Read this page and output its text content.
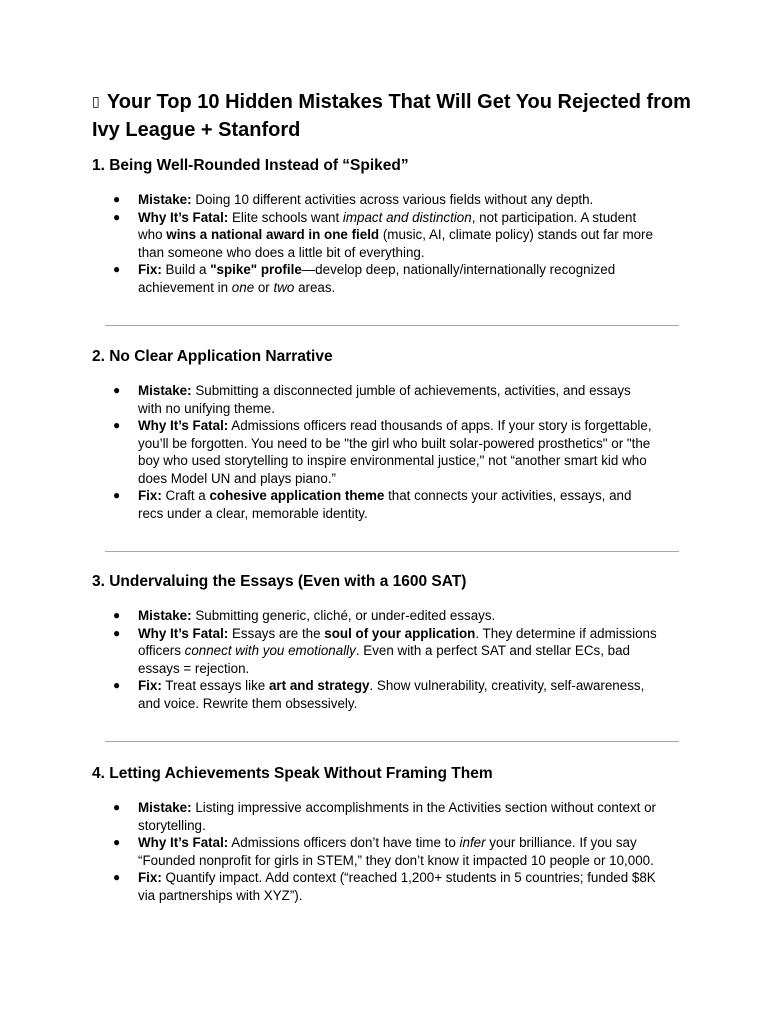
▯ Your Top 10 Hidden Mistakes That Will Get You Rejected from Ivy League + Stanford
1. Being Well-Rounded Instead of “Spiked”
● Mistake: Doing 10 different activities across various fields without any depth.
● Why It’s Fatal: Elite schools want impact and distinction, not participation. A student who wins a national award in one field (music, AI, climate policy) stands out far more than someone who does a little bit of everything.
● Fix: Build a "spike" profile—develop deep, nationally/internationally recognized achievement in one or two areas.
2. No Clear Application Narrative
● Mistake: Submitting a disconnected jumble of achievements, activities, and essays with no unifying theme.
● Why It’s Fatal: Admissions officers read thousands of apps. If your story is forgettable, you’ll be forgotten. You need to be "the girl who built solar-powered prosthetics" or "the boy who used storytelling to inspire environmental justice," not “another smart kid who does Model UN and plays piano.”
● Fix: Craft a cohesive application theme that connects your activities, essays, and recs under a clear, memorable identity.
3. Undervaluing the Essays (Even with a 1600 SAT)
● Mistake: Submitting generic, cliché, or under-edited essays.
● Why It’s Fatal: Essays are the soul of your application. They determine if admissions officers connect with you emotionally. Even with a perfect SAT and stellar ECs, bad essays = rejection.
● Fix: Treat essays like art and strategy. Show vulnerability, creativity, self-awareness, and voice. Rewrite them obsessively.
4. Letting Achievements Speak Without Framing Them
● Mistake: Listing impressive accomplishments in the Activities section without context or storytelling.
● Why It’s Fatal: Admissions officers don’t have time to infer your brilliance. If you say “Founded nonprofit for girls in STEM,” they don’t know it impacted 10 people or 10,000.
● Fix: Quantify impact. Add context (“reached 1,200+ students in 5 countries; funded $8K via partnerships with XYZ”).
